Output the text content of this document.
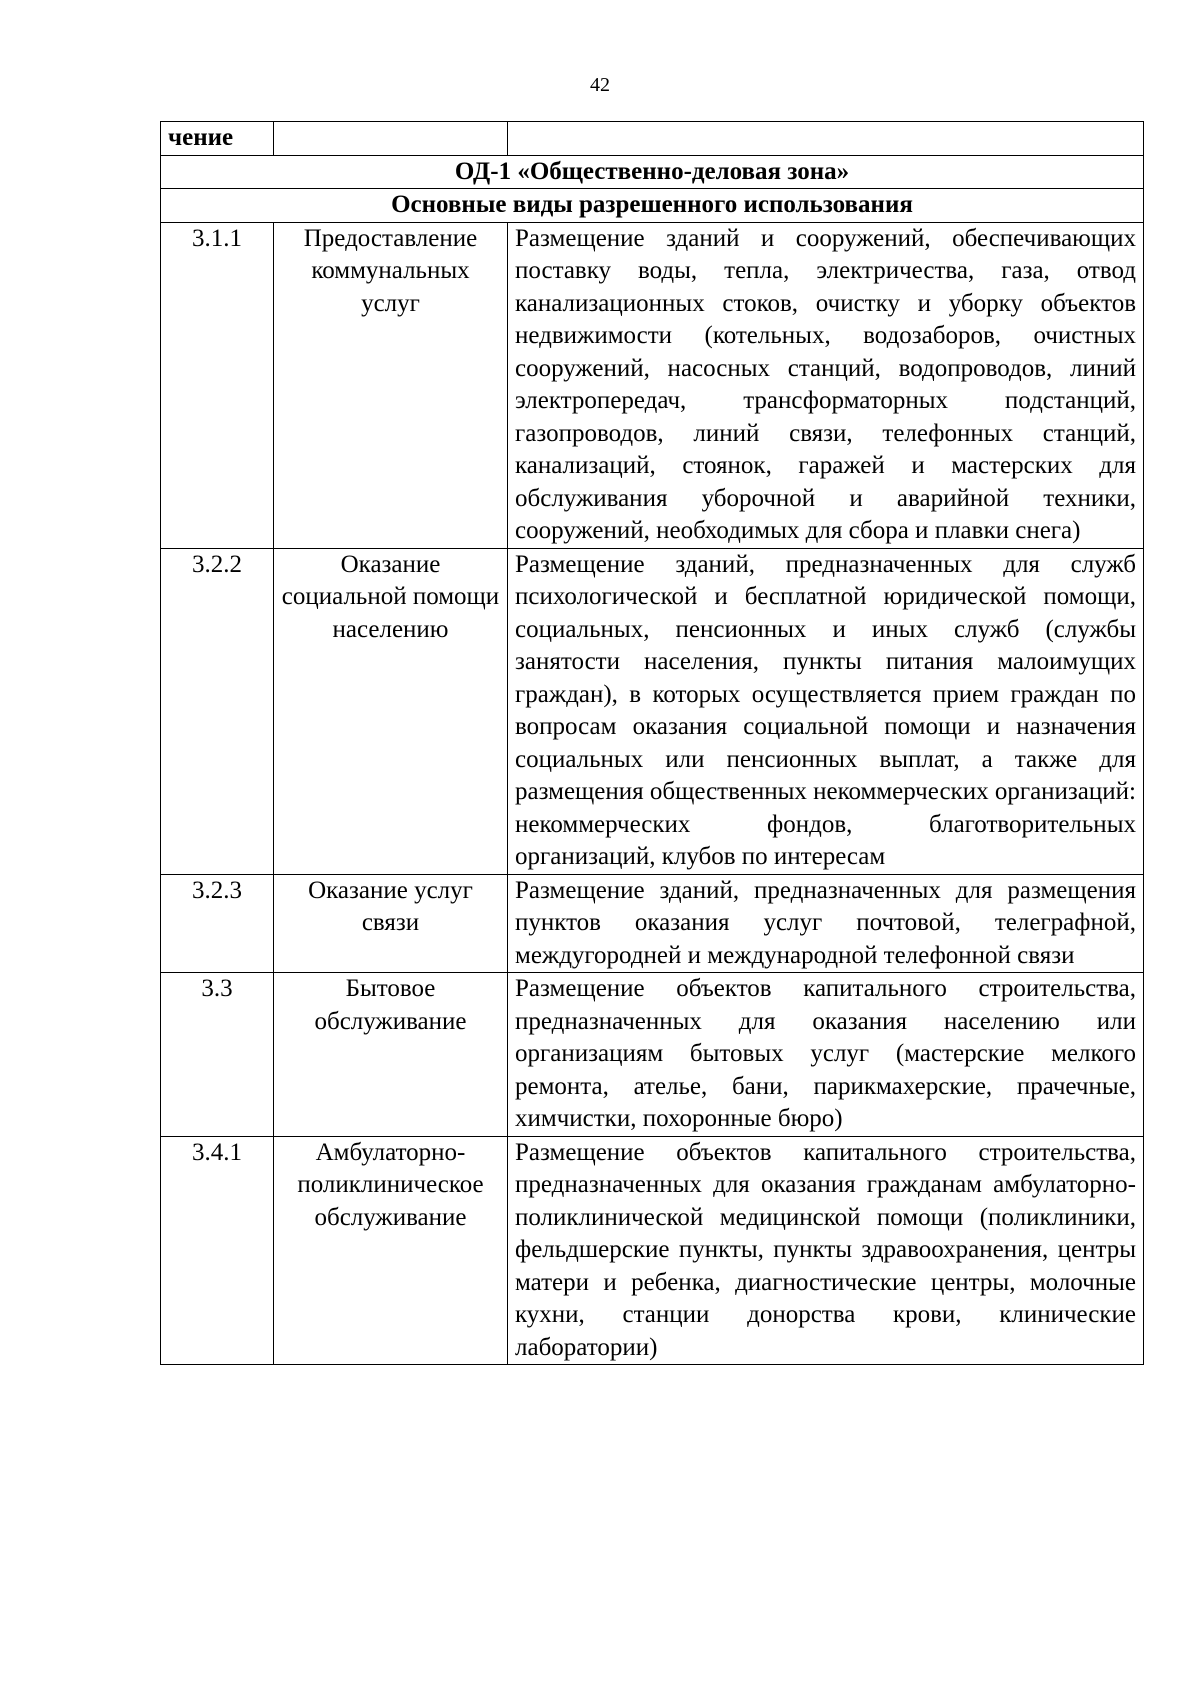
42
чение		
ОД-1 «Общественно-деловая зона»		
Основные виды разрешенного использования		
3.1.1	Предоставление коммунальных услуг	Размещение зданий и сооружений, обеспечивающих поставку воды, тепла, электричества, газа, отвод канализационных стоков, очистку и уборку объектов недвижимости (котельных, водозаборов, очистных сооружений, насосных станций, водопроводов, линий электропередач, трансформаторных подстанций, газопроводов, линий связи, телефонных станций, канализаций, стоянок, гаражей и мастерских для обслуживания уборочной и аварийной техники, сооружений, необходимых для сбора и плавки снега)
3.2.2	Оказание социальной помощи населению	Размещение зданий, предназначенных для служб психологической и бесплатной юридической помощи, социальных, пенсионных и иных служб (службы занятости населения, пункты питания малоимущих граждан), в которых осуществляется прием граждан по вопросам оказания социальной помощи и назначения социальных или пенсионных выплат, а также для размещения общественных некоммерческих организаций: некоммерческих фондов, благотворительных организаций, клубов по интересам
3.2.3	Оказание услуг связи	Размещение зданий, предназначенных для размещения пунктов оказания услуг почтовой, телеграфной, междугородней и международной телефонной связи
3.3	Бытовое обслуживание	Размещение объектов капитального строительства, предназначенных для оказания населению или организациям бытовых услуг (мастерские мелкого ремонта, ателье, бани, парикмахерские, прачечные, химчистки, похоронные бюро)
3.4.1	Амбулаторно-поликлиническое обслуживание	Размещение объектов капитального строительства, предназначенных для оказания гражданам амбулаторно-поликлинической медицинской помощи (поликлиники, фельдшерские пункты, пункты здравоохранения, центры матери и ребенка, диагностические центры, молочные кухни, станции донорства крови, клинические лаборатории)
